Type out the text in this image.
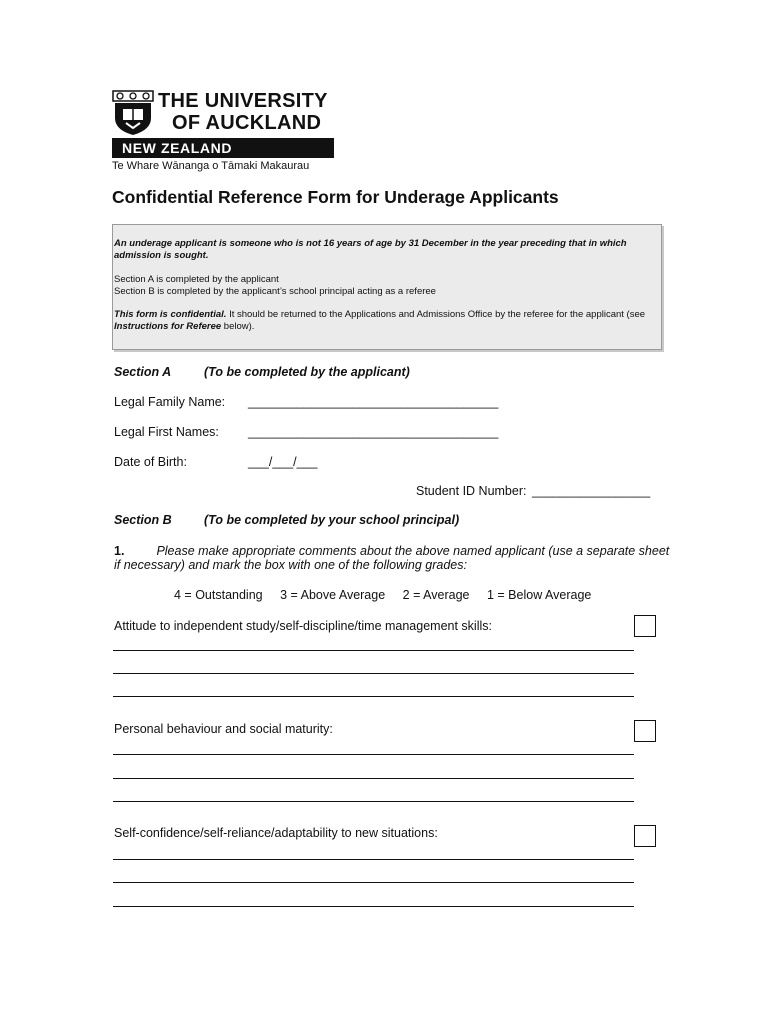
THE UNIVERSITY
OF AUCKLAND
NEW ZEALAND
Te Whare Wānanga o Tāmaki Makaurau
Confidential Reference Form for Underage Applicants
An underage applicant is someone who is not 16 years of age by 31 December in the year preceding that in which admission is sought.
Section A is completed by the applicant
Section B is completed by the applicant’s school principal acting as a referee
This form is confidential. It should be returned to the Applications and Admissions Office by the referee for the applicant (see Instructions for Referee below).
Section A	(To be completed by the applicant)
Legal Family Name: ____________________________________
Legal First Names: ____________________________________
Date of Birth:	___/___/___
Student ID Number: _________________
Section B	(To be completed by your school principal)
1.	Please make appropriate comments about the above named applicant (use a separate sheet if necessary) and mark the box with one of the following grades:
4 = Outstanding 3 = Above Average 2 = Average 1 = Below Average
Attitude to independent study/self-discipline/time management skills:
Personal behaviour and social maturity:
Self-confidence/self-reliance/adaptability to new situations:
